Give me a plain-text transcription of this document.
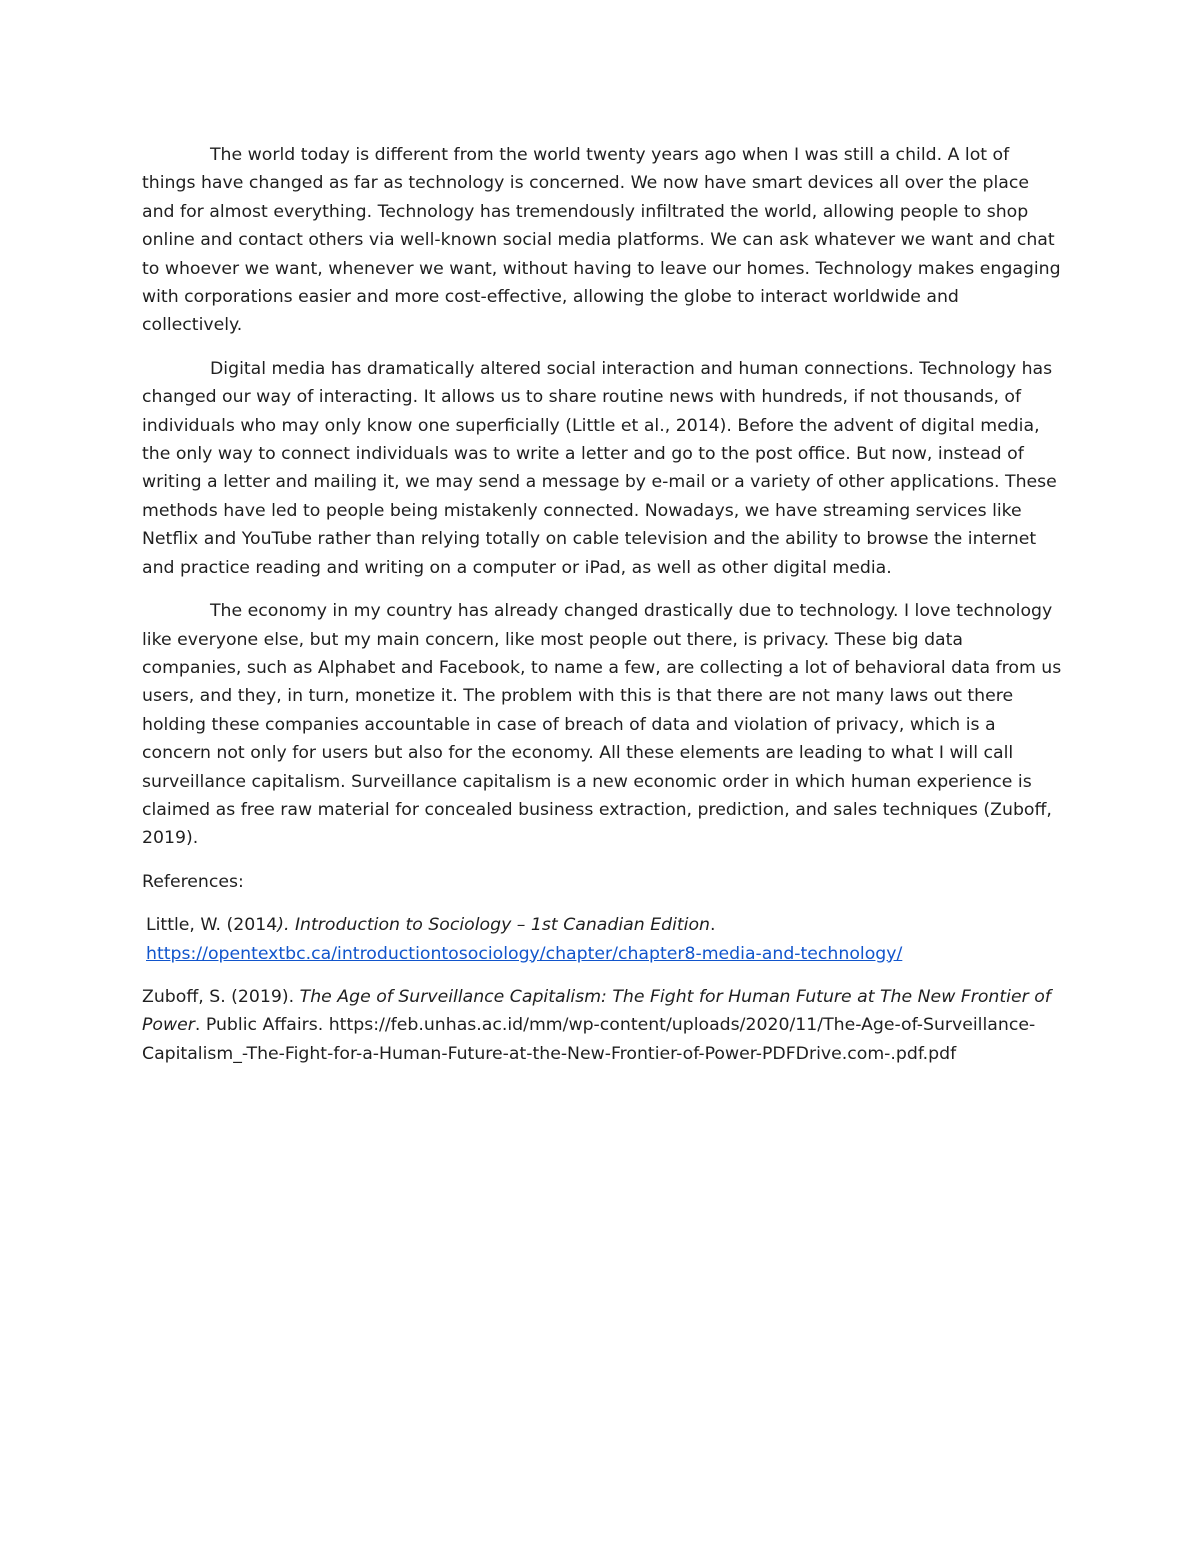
The world today is different from the world twenty years ago when I was still a child. A lot of things have changed as far as technology is concerned. We now have smart devices all over the place and for almost everything. Technology has tremendously infiltrated the world, allowing people to shop online and contact others via well-known social media platforms. We can ask whatever we want and chat to whoever we want, whenever we want, without having to leave our homes. Technology makes engaging with corporations easier and more cost-effective, allowing the globe to interact worldwide and collectively.

Digital media has dramatically altered social interaction and human connections. Technology has changed our way of interacting. It allows us to share routine news with hundreds, if not thousands, of individuals who may only know one superficially (Little et al., 2014). Before the advent of digital media, the only way to connect individuals was to write a letter and go to the post office. But now, instead of writing a letter and mailing it, we may send a message by e-mail or a variety of other applications. These methods have led to people being mistakenly connected. Nowadays, we have streaming services like Netflix and YouTube rather than relying totally on cable television and the ability to browse the internet and practice reading and writing on a computer or iPad, as well as other digital media.

The economy in my country has already changed drastically due to technology. I love technology like everyone else, but my main concern, like most people out there, is privacy. These big data companies, such as Alphabet and Facebook, to name a few, are collecting a lot of behavioral data from us users, and they, in turn, monetize it. The problem with this is that there are not many laws out there holding these companies accountable in case of breach of data and violation of privacy, which is a concern not only for users but also for the economy. All these elements are leading to what I will call surveillance capitalism. Surveillance capitalism is a new economic order in which human experience is claimed as free raw material for concealed business extraction, prediction, and sales techniques (Zuboff, 2019).

References:

Little, W. (2014). Introduction to Sociology – 1st Canadian Edition.
https://opentextbc.ca/introductiontosociology/chapter/chapter8-media-and-technology/

Zuboff, S. (2019). The Age of Surveillance Capitalism: The Fight for Human Future at The New Frontier of Power. Public Affairs. https://feb.unhas.ac.id/mm/wp-content/uploads/2020/11/The-Age-of-Surveillance-Capitalism_-The-Fight-for-a-Human-Future-at-the-New-Frontier-of-Power-PDFDrive.com-.pdf.pdf
